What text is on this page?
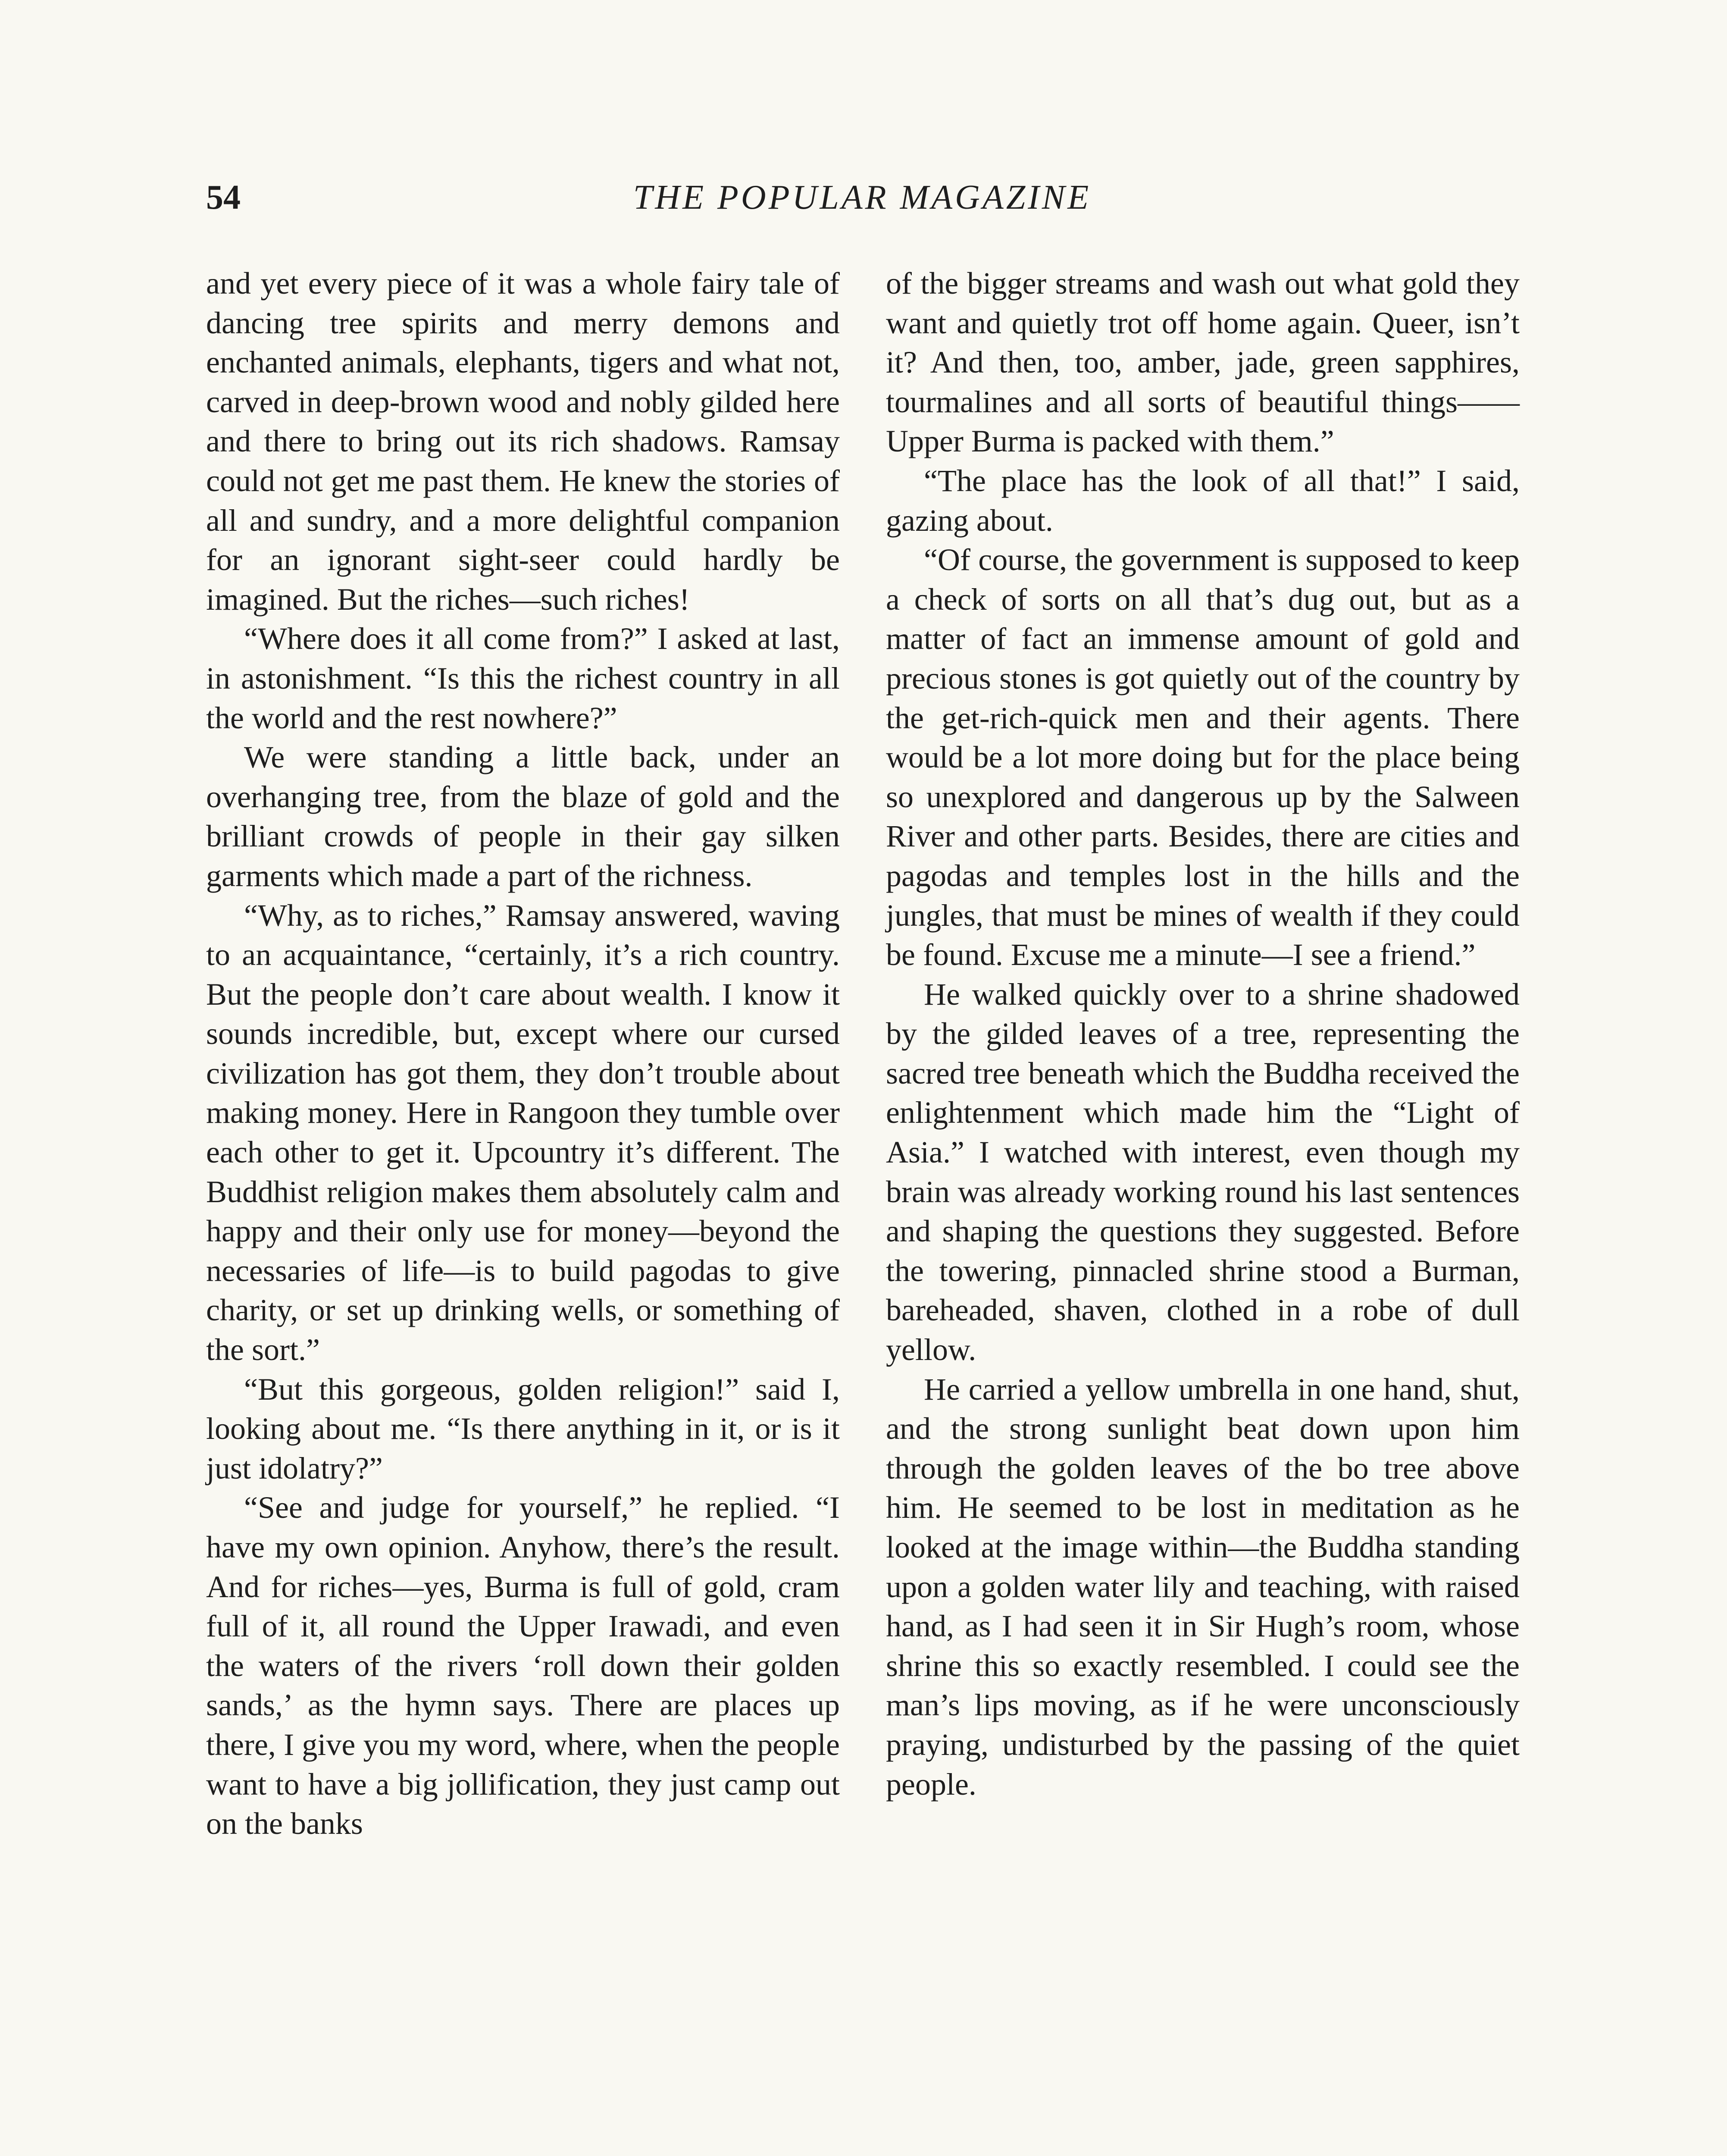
54	THE POPULAR MAGAZINE

and yet every piece of it was a whole fairy tale of dancing tree spirits and merry demons and enchanted animals, elephants, tigers and what not, carved in deep-brown wood and nobly gilded here and there to bring out its rich shadows. Ramsay could not get me past them. He knew the stories of all and sundry, and a more delightful companion for an ignorant sight-seer could hardly be imagined. But the riches—such riches!

“Where does it all come from?” I asked at last, in astonishment. “Is this the richest country in all the world and the rest nowhere?”

We were standing a little back, under an overhanging tree, from the blaze of gold and the brilliant crowds of people in their gay silken garments which made a part of the richness.

“Why, as to riches,” Ramsay answered, waving to an acquaintance, “certainly, it’s a rich country. But the people don’t care about wealth. I know it sounds incredible, but, except where our cursed civilization has got them, they don’t trouble about making money. Here in Rangoon they tumble over each other to get it. Upcountry it’s different. The Buddhist religion makes them absolutely calm and happy and their only use for money—beyond the necessaries of life—is to build pagodas to give charity, or set up drinking wells, or something of the sort.”

“But this gorgeous, golden religion!” said I, looking about me. “Is there anything in it, or is it just idolatry?”

“See and judge for yourself,” he replied. “I have my own opinion. Anyhow, there’s the result. And for riches—yes, Burma is full of gold, cram full of it, all round the Upper Irawadi, and even the waters of the rivers ‘roll down their golden sands,’ as the hymn says. There are places up there, I give you my word, where, when the people want to have a big jollification, they just camp out on the banks

of the bigger streams and wash out what gold they want and quietly trot off home again. Queer, isn’t it? And then, too, amber, jade, green sapphires, tourmalines and all sorts of beautiful things—— Upper Burma is packed with them.”

“The place has the look of all that!” I said, gazing about.

“Of course, the government is supposed to keep a check of sorts on all that’s dug out, but as a matter of fact an immense amount of gold and precious stones is got quietly out of the country by the get-rich-quick men and their agents. There would be a lot more doing but for the place being so unexplored and dangerous up by the Salween River and other parts. Besides, there are cities and pagodas and temples lost in the hills and the jungles, that must be mines of wealth if they could be found. Excuse me a minute—I see a friend.”

He walked quickly over to a shrine shadowed by the gilded leaves of a tree, representing the sacred tree beneath which the Buddha received the enlightenment which made him the “Light of Asia.” I watched with interest, even though my brain was already working round his last sentences and shaping the questions they suggested. Before the towering, pinnacled shrine stood a Burman, bareheaded, shaven, clothed in a robe of dull yellow.

He carried a yellow umbrella in one hand, shut, and the strong sunlight beat down upon him through the golden leaves of the bo tree above him. He seemed to be lost in meditation as he looked at the image within—the Buddha standing upon a golden water lily and teaching, with raised hand, as I had seen it in Sir Hugh’s room, whose shrine this so exactly resembled. I could see the man’s lips moving, as if he were unconsciously praying, undisturbed by the passing of the quiet people.
